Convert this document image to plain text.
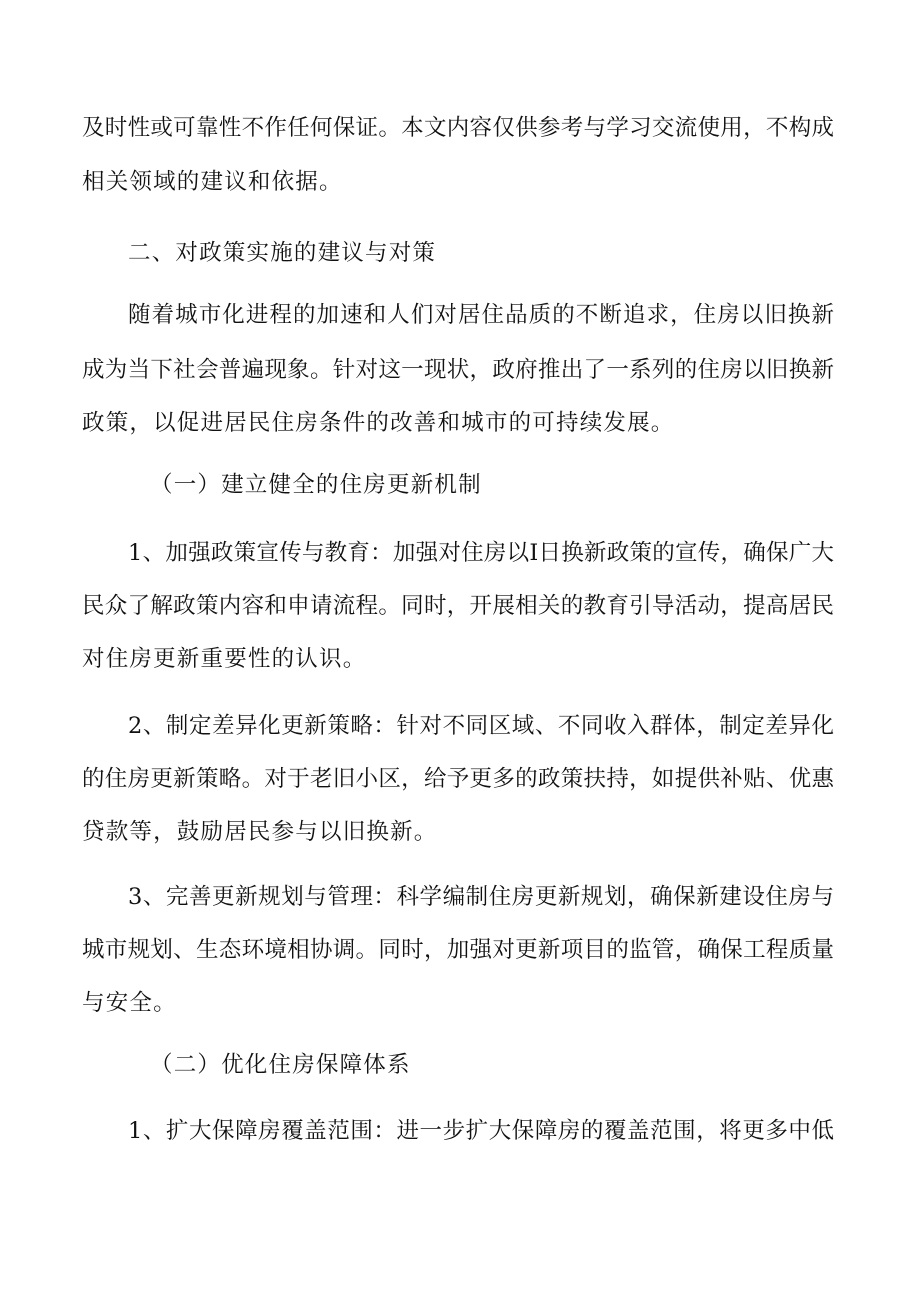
及时性或可靠性不作任何保证。本文内容仅供参考与学习交流使用，不构成
相关领域的建议和依据。
二、对政策实施的建议与对策
随着城市化进程的加速和人们对居住品质的不断追求，住房以旧换新
成为当下社会普遍现象。针对这一现状，政府推出了一系列的住房以旧换新
政策，以促进居民住房条件的改善和城市的可持续发展。
（一）建立健全的住房更新机制
1、加强政策宣传与教育：加强对住房以I日换新政策的宣传，确保广大
民众了解政策内容和申请流程。同时，开展相关的教育引导活动，提高居民
对住房更新重要性的认识。
2、制定差异化更新策略：针对不同区域、不同收入群体，制定差异化
的住房更新策略。对于老旧小区，给予更多的政策扶持，如提供补贴、优惠
贷款等，鼓励居民参与以旧换新。
3、完善更新规划与管理：科学编制住房更新规划，确保新建设住房与
城市规划、生态环境相协调。同时，加强对更新项目的监管，确保工程质量
与安全。
（二）优化住房保障体系
1、扩大保障房覆盖范围：进一步扩大保障房的覆盖范围，将更多中低
